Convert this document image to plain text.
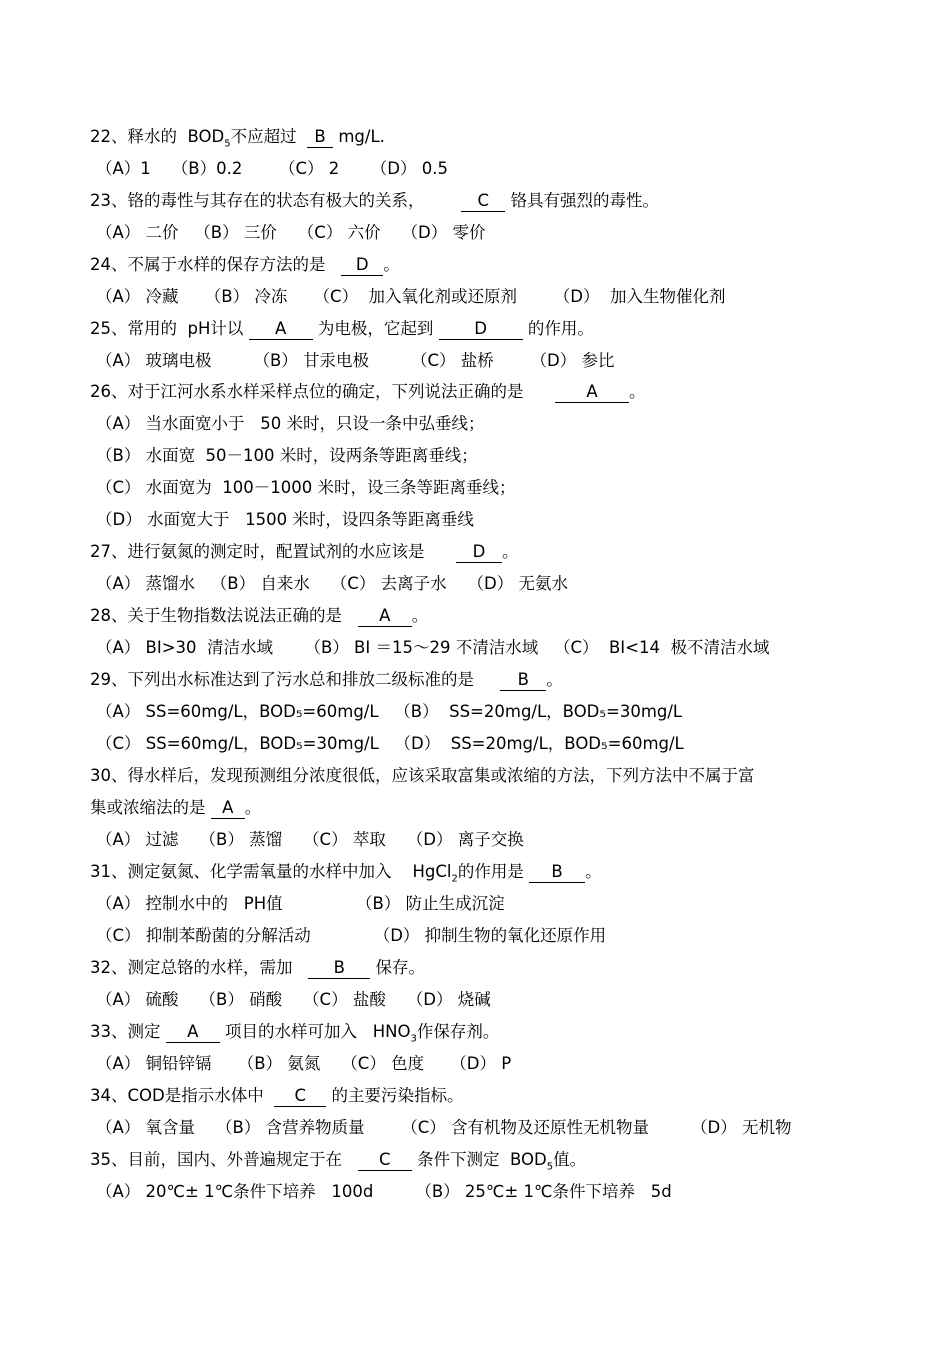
22、释水的  $BOD_5$不应超过  B mg/L.
（A）1    （B）0.2       （C） 2      （D） 0.5
23、铬的毒性与其存在的状态有极大的关系，       C 铬具有强烈的毒性。
（A） 二价   （B） 三价    （C） 六价    （D） 零价
24、不属于水样的保存方法的是   D 。
（A） 冷藏     （B） 冷冻     （C）  加入氧化剂或还原剂       （D）  加入生物催化剂
25、常用的  pH计以 A 为电极，它起到 D 的作用。
（A） 玻璃电极        （B） 甘汞电极        （C） 盐桥       （D） 参比
26、对于江河水系水样采样点位的确定，下列说法正确的是      A 。
（A） 当水面宽小于   50 米时，只设一条中弘垂线；
（B） 水面宽  50－100 米时，设两条等距离垂线；
（C） 水面宽为  100－1000 米时，设三条等距离垂线；
（D） 水面宽大于   1500 米时，设四条等距离垂线
27、进行氨氮的测定时，配置试剂的水应该是      D 。
（A） 蒸馏水   （B） 自来水    （C） 去离子水    （D） 无氨水
28、关于生物指数法说法正确的是   A 。
（A） BI>30  清洁水域      （B） BI ＝15～29 不清洁水域   （C）  BI<14  极不清洁水域
29、下列出水标准达到了污水总和排放二级标准的是     B 。
（A） SS=60mg/L，BOD₅=60mg/L   （B）  SS=20mg/L，BOD₅=30mg/L
（C） SS=60mg/L，BOD₅=30mg/L   （D）  SS=20mg/L，BOD₅=60mg/L
30、得水样后，发现预测组分浓度很低，应该采取富集或浓缩的方法，下列方法中不属于富
集或浓缩法的是 A 。
（A） 过滤    （B） 蒸馏    （C） 萃取    （D） 离子交换
31、测定氨氮、化学需氧量的水样中加入    HgCl$_2$的作用是 B 。
（A） 控制水中的   PH值              （B） 防止生成沉淀
（C） 抑制苯酚菌的分解活动            （D） 抑制生物的氧化还原作用
32、测定总铬的水样，需加   B 保存。
（A） 硫酸    （B） 硝酸    （C） 盐酸    （D） 烧碱
33、测定 A 项目的水样可加入   $HNO_3$作保存剂。
（A） 铜铅锌镉     （B） 氨氮    （C） 色度     （D） P
34、COD是指示水体中  C 的主要污染指标。
（A） 氧含量    （B） 含营养物质量       （C） 含有机物及还原性无机物量        （D） 无机物
35、目前，国内、外普遍规定于在   C 条件下测定  $BOD_5$值。
（A） 20℃± 1℃条件下培养   100d        （B） 25℃± 1℃条件下培养   5d
